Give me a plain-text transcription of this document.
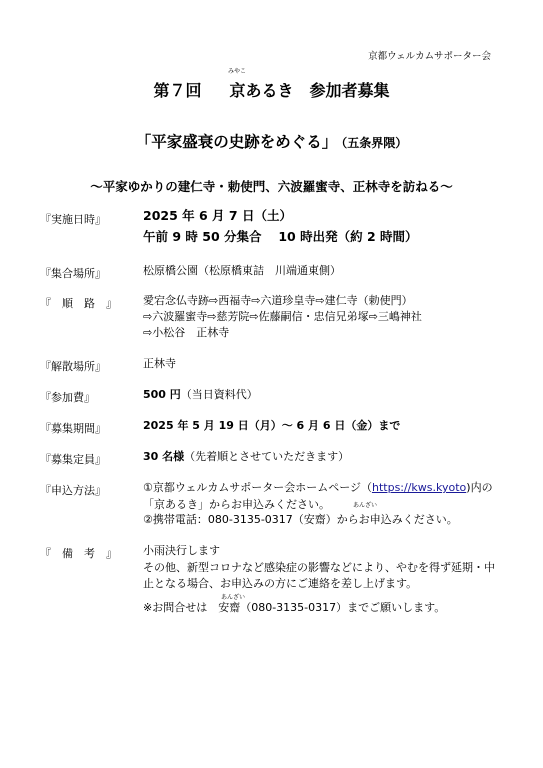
京都ウェルカムサポーター会
みやこ
第７回 京あるき　参加者募集
「平家盛衰の史跡をめぐる」 （五条界隈）
～平家ゆかりの建仁寺・勅使門、六波羅蜜寺、正林寺を訪ねる～
『実施日時』	2025 年 6 月 7 日（土）
午前 9 時 50 分集合　 10 時出発（約 2 時間）
『集合場所』	松原橋公園（松原橋東詰　川端通東側）
『　順　路　』 愛宕念仏寺跡⇨西福寺⇨六道珍皇寺⇨建仁寺（勅使門）
⇨六波羅蜜寺⇨慈芳院⇨佐藤嗣信・忠信兄弟塚⇨三嶋神社
⇨小松谷　正林寺
『解散場所』	正林寺
『参加費』	500 円（当日資料代）
『募集期間』	2025 年 5 月 19 日（月）～ 6 月 6 日（金）まで
『募集定員』	30 名様（先着順とさせていただきます）
『申込方法』	①京都ウェルカムサポーター会ホームページ（https://kws.kyoto)内の
「京あるき」からお申込みください。	あんざい
②携帯電話：080-3135-0317（安齋）からお申込みください。
『　備　考　』 小雨決行します
その他、新型コロナなど感染症の影響などにより、やむを得ず延期・中
止となる場合、お申込みの方にご連絡を差し上げます。
あんざい
※お問合せは　安齋（080-3135-0317）までご願いします。
